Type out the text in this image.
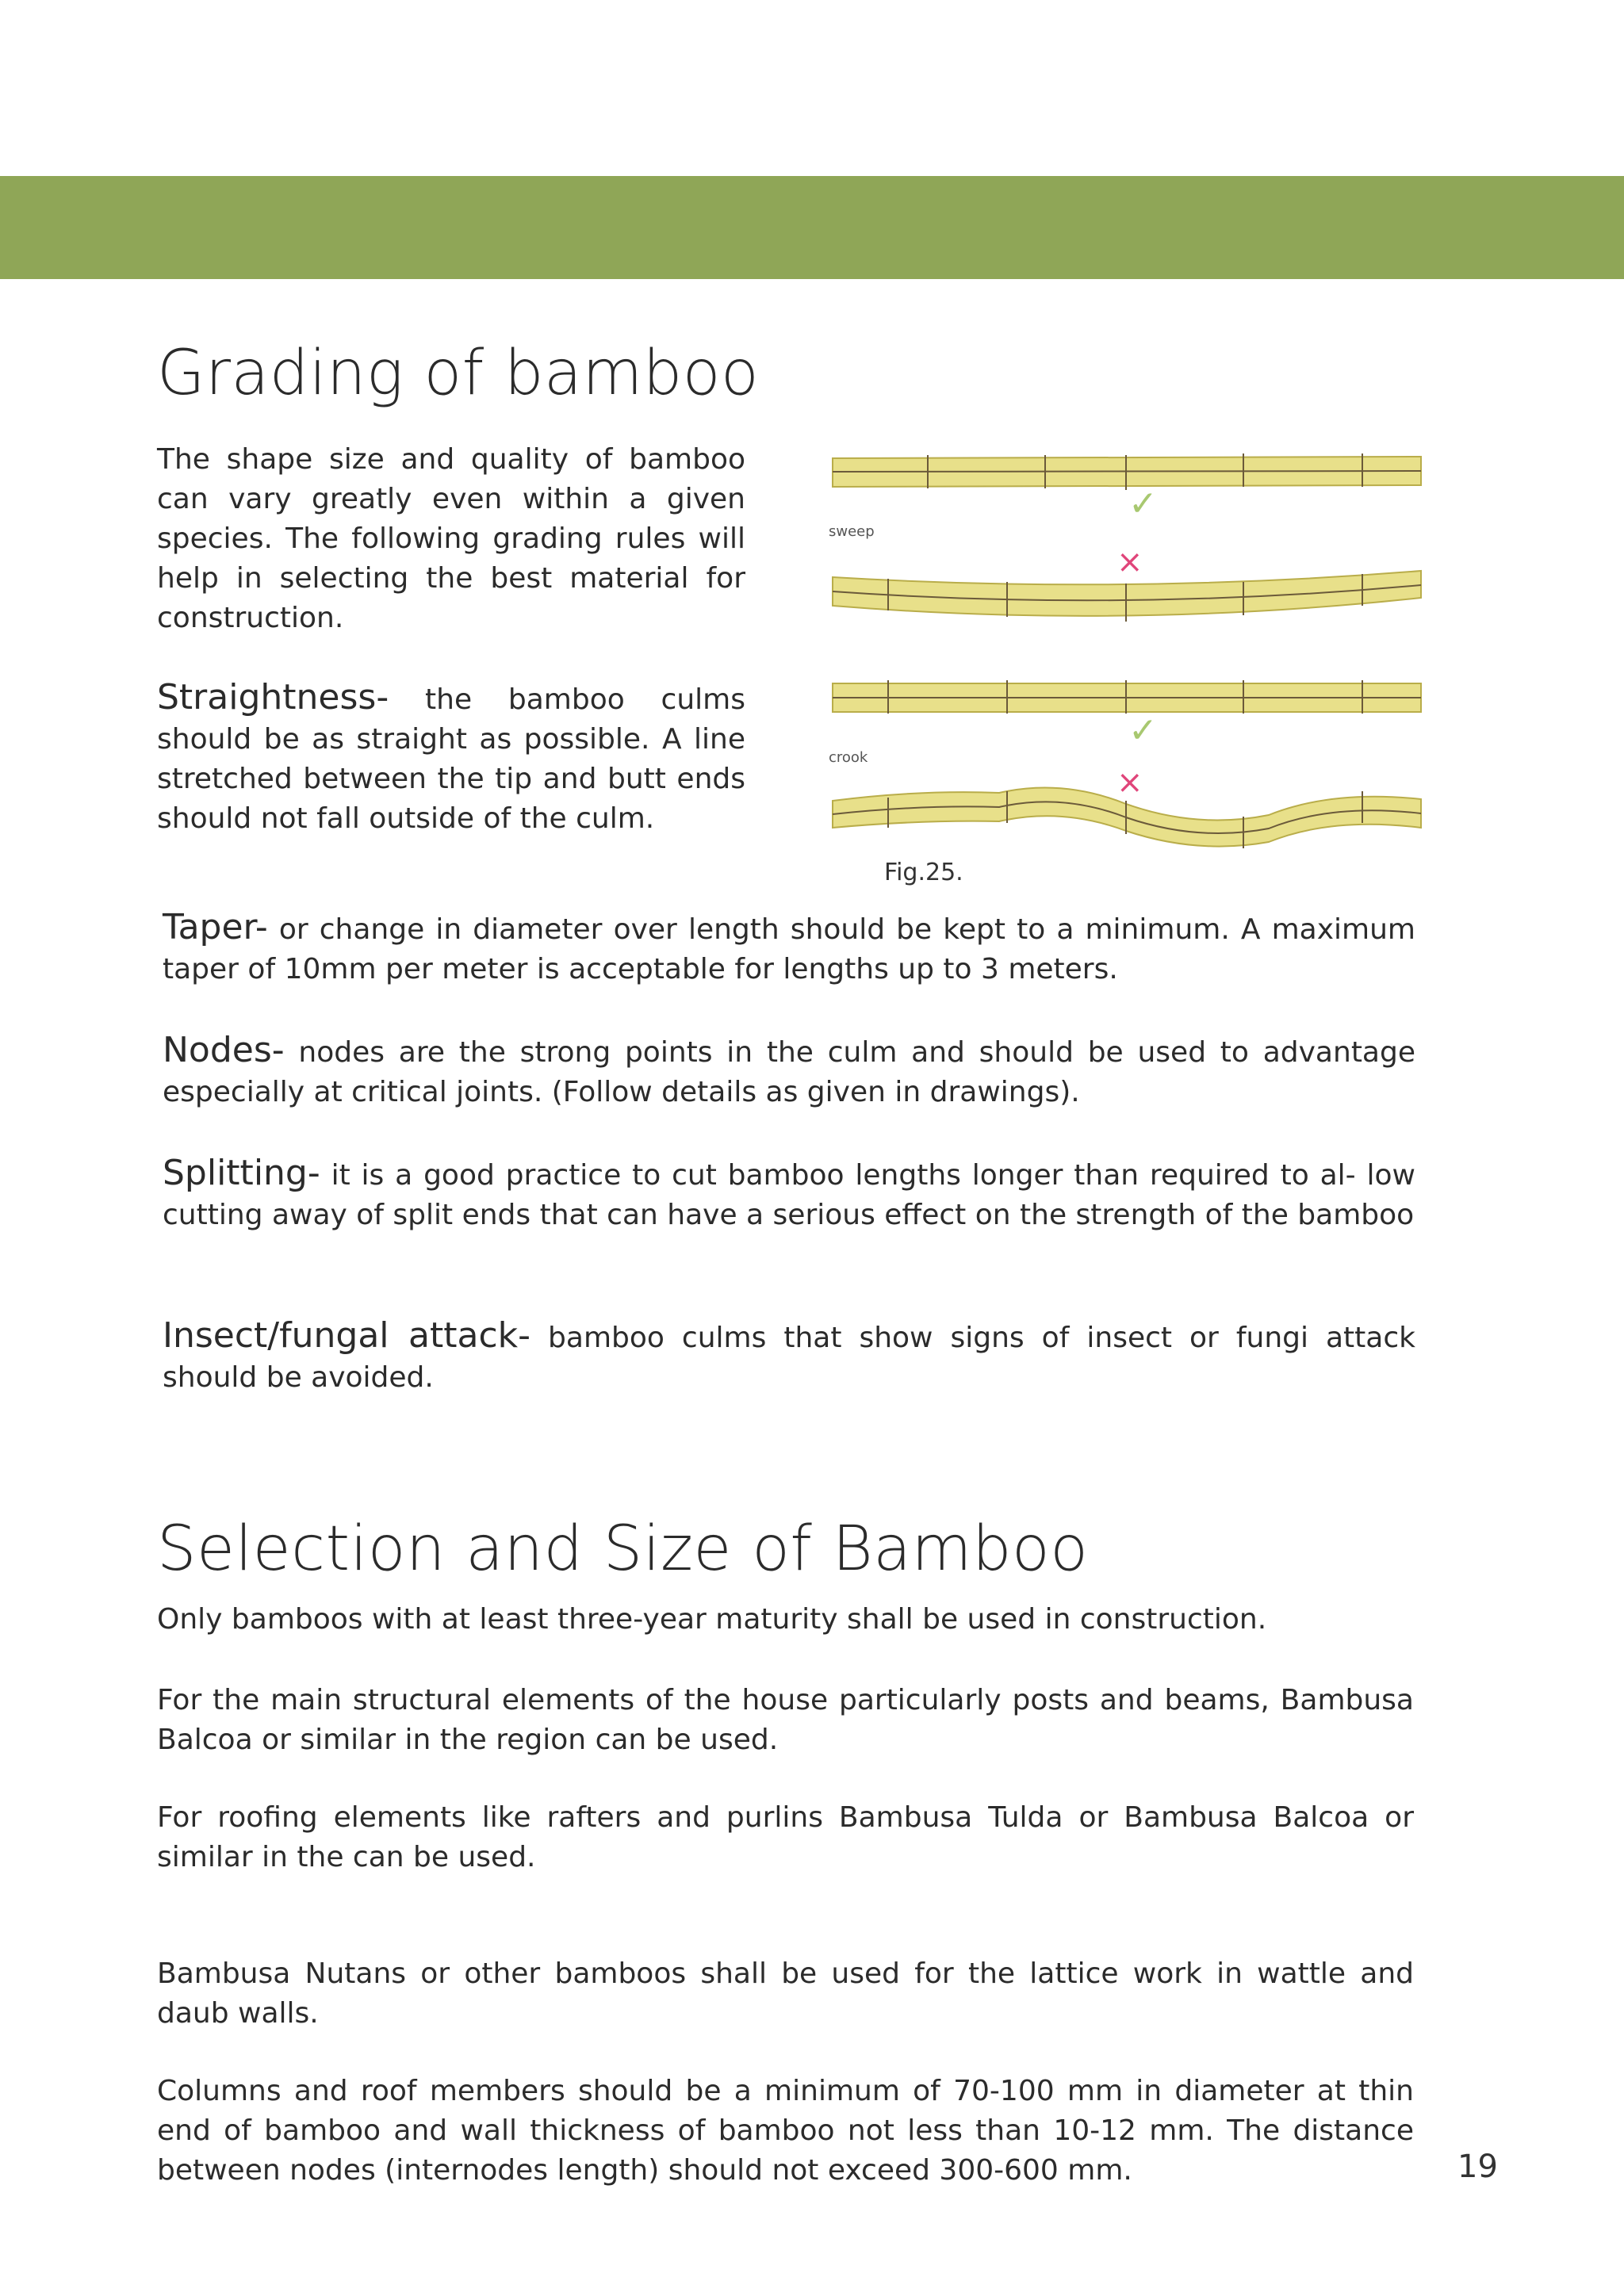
Grading of bamboo

The shape size and quality of bamboo can vary greatly even within a given species. The following grading rules will help in selecting the best material for construction.

Straightness- the bamboo culms should be as straight as possible. A line stretched between the tip and butt ends should not fall outside of the culm.

✓
sweep
×
✓
crook
×

Fig.25.

Taper- or change in diameter over length should be kept to a minimum. A maximum taper of 10mm per meter is acceptable for lengths up to 3 meters.

Nodes- nodes are the strong points in the culm and should be used to advantage especially at critical joints. (Follow details as given in drawings).

Splitting- it is a good practice to cut bamboo lengths longer than required to al- low cutting away of split ends that can have a serious effect on the strength of the bamboo

Insect/fungal attack- bamboo culms that show signs of insect or fungi attack should be avoided.

Selection and Size of Bamboo

Only bamboos with at least three-year maturity shall be used in construction.

For the main structural elements of the house particularly posts and beams, Bambusa Balcoa or similar in the region can be used.

For roofing elements like rafters and purlins Bambusa Tulda or Bambusa Balcoa or similar in the can be used.

Bambusa Nutans or other bamboos shall be used for the lattice work in wattle and daub walls.

Columns and roof members should be a minimum of 70-100 mm in diameter at thin end of bamboo and wall thickness of bamboo not less than 10-12 mm. The distance between nodes (internodes length) should not exceed 300-600 mm.	19
